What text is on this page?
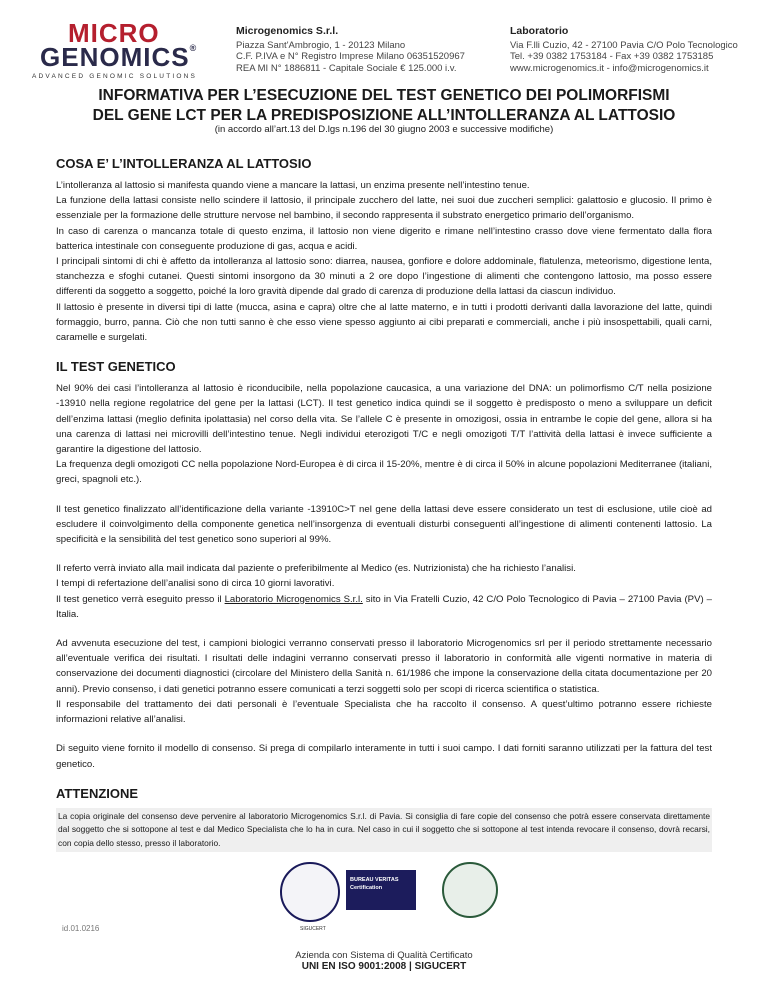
MICRO
GENOMICS®
ADVANCED GENOMIC SOLUTIONS
Microgenomics S.r.l.
Piazza Sant'Ambrogio, 1 - 20123 Milano
C.F. P.IVA e N° Registro Imprese Milano 06351520967
REA MI N° 1886811 - Capitale Sociale € 125.000 i.v.
Laboratorio
Via F.lli Cuzio, 42 - 27100 Pavia C/O Polo Tecnologico
Tel. +39 0382 1753184 - Fax +39 0382 1753185
www.microgenomics.it - info@microgenomics.it
INFORMATIVA PER L’ESECUZIONE DEL TEST GENETICO DEI POLIMORFISMI
DEL GENE LCT PER LA PREDISPOSIZIONE ALL’INTOLLERANZA AL LATTOSIO
(in accordo all’art.13 del D.lgs n.196 del 30 giugno 2003 e successive modifiche)
COSA E’ L’INTOLLERANZA AL LATTOSIO

L’intolleranza al lattosio si manifesta quando viene a mancare la lattasi, un enzima presente nell’intestino tenue.

La funzione della lattasi consiste nello scindere il lattosio, il principale zucchero del latte, nei suoi due zuccheri semplici: galattosio e glucosio. Il primo è essenziale per la formazione delle strutture nervose nel bambino, il secondo rappresenta il substrato energetico primario dell’organismo.

In caso di carenza o mancanza totale di questo enzima, il lattosio non viene digerito e rimane nell’intestino crasso dove viene fermentato dalla flora batterica intestinale con conseguente produzione di gas, acqua e acidi.

I principali sintomi di chi è affetto da intolleranza al lattosio sono: diarrea, nausea, gonfiore e dolore addominale, flatulenza, meteorismo, digestione lenta, stanchezza e sfoghi cutanei. Questi sintomi insorgono da 30 minuti a 2 ore dopo l’ingestione di alimenti che contengono lattosio, ma posso essere differenti da soggetto a soggetto, poiché la loro gravità dipende dal grado di carenza di produzione della lattasi da ciascun individuo.

Il lattosio è presente in diversi tipi di latte (mucca, asina e capra) oltre che al latte materno, e in tutti i prodotti derivanti dalla lavorazione del latte, quindi formaggio, burro, panna. Ciò che non tutti sanno è che esso viene spesso aggiunto ai cibi preparati e commerciali, anche i più insospettabili, quali carni, caramelle e surgelati.

IL TEST GENETICO

Nel 90% dei casi l’intolleranza al lattosio è riconducibile, nella popolazione caucasica, a una variazione del DNA: un polimorfismo C/T nella posizione -13910 nella regione regolatrice del gene per la lattasi (LCT). Il test genetico indica quindi se il soggetto è predisposto o meno a sviluppare un deficit dell’enzima lattasi (meglio definita ipolattasia) nel corso della vita. Se l’allele C è presente in omozigosi, ossia in entrambe le copie del gene, allora si ha una carenza di lattasi nei microvilli dell’intestino tenue. Negli individui eterozigoti T/C e negli omozigoti T/T l’attività della lattasi è invece sufficiente a garantire la digestione del lattosio.

La frequenza degli omozigoti CC nella popolazione Nord-Europea è di circa il 15-20%, mentre è di circa il 50% in alcune popolazioni Mediterranee (italiani, greci, spagnoli etc.).

Il test genetico finalizzato all’identificazione della variante -13910C>T nel gene della lattasi deve essere considerato un test di esclusione, utile cioè ad escludere il coinvolgimento della componente genetica nell’insorgenza di eventuali disturbi conseguenti all’ingestione di alimenti contenenti lattosio. La specificità e la sensibilità del test genetico sono superiori al 99%.

Il referto verrà inviato alla mail indicata dal paziente o preferibilmente al Medico (es. Nutrizionista) che ha richiesto l’analisi.

I tempi di refertazione dell’analisi sono di circa 10 giorni lavorativi.

Il test genetico verrà eseguito presso il Laboratorio Microgenomics S.r.l. sito in Via Fratelli Cuzio, 42 C/O Polo Tecnologico di Pavia – 27100 Pavia (PV) – Italia.

Ad avvenuta esecuzione del test, i campioni biologici verranno conservati presso il laboratorio Microgenomics srl per il periodo strettamente necessario all’eventuale verifica dei risultati. I risultati delle indagini verranno conservati presso il laboratorio in conformità alle vigenti normative in materia di conservazione dei documenti diagnostici (circolare del Ministero della Sanità n. 61/1986 che impone la conservazione della citata documentazione per 20 anni). Previo consenso, i dati genetici potranno essere comunicati a terzi soggetti solo per scopi di ricerca scientifica o statistica.

Il responsabile del trattamento dei dati personali è l’eventuale Specialista che ha raccolto il consenso. A quest’ultimo potranno essere richieste informazioni relative all’analisi.

Di seguito viene fornito il modello di consenso. Si prega di compilarlo interamente in tutti i suoi campo. I dati forniti saranno utilizzati per la fattura del test genetico.

ATTENZIONE
La copia originale del consenso deve pervenire al laboratorio Microgenomics S.r.l. di Pavia. Si consiglia di fare copie del consenso che potrà essere conservata direttamente dal soggetto che si sottopone al test e dal Medico Specialista che lo ha in cura. Nel caso in cui il soggetto che si sottopone al test intenda revocare il consenso, dovrà recarsi, con copia dello stesso, presso il laboratorio.
id.01.0216
BUREAU VERITAS Certification
SIGUCERT
Azienda con Sistema di Qualità Certificato
UNI EN ISO 9001:2008 | SIGUCERT
